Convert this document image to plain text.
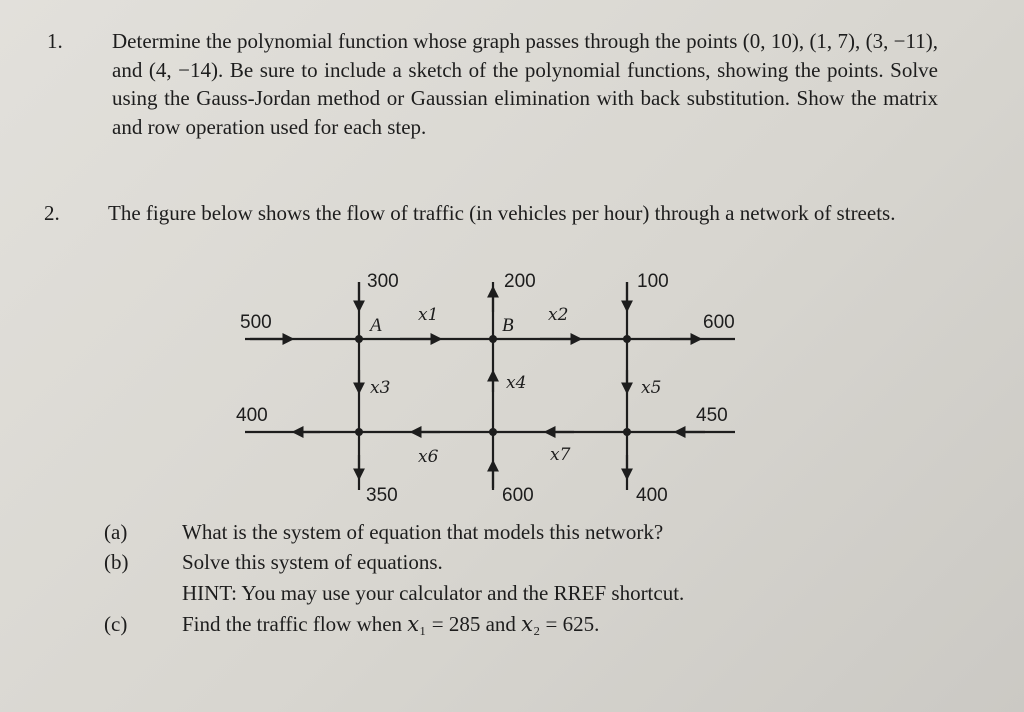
1. Determine the polynomial function whose graph passes through the points (0, 10), (1, 7), (3, −11), and (4, −14). Be sure to include a sketch of the polynomial functions, showing the points. Solve using the Gauss-Jordan method or Gaussian elimination with back substitution. Show the matrix and row operation used for each step.
2. The figure below shows the flow of traffic (in vehicles per hour) through a network of streets.
300	200	100
500	600
400	450
350	600	400
A	B
x1	x2
x3	x4	x5
x6	x7
(a)	What is the system of equation that models this network?
(b)	Solve this system of equations.
HINT: You may use your calculator and the RREF shortcut.
(c)	Find the traffic flow when 𝑥₁ = 285 and 𝑥₂ = 625.
